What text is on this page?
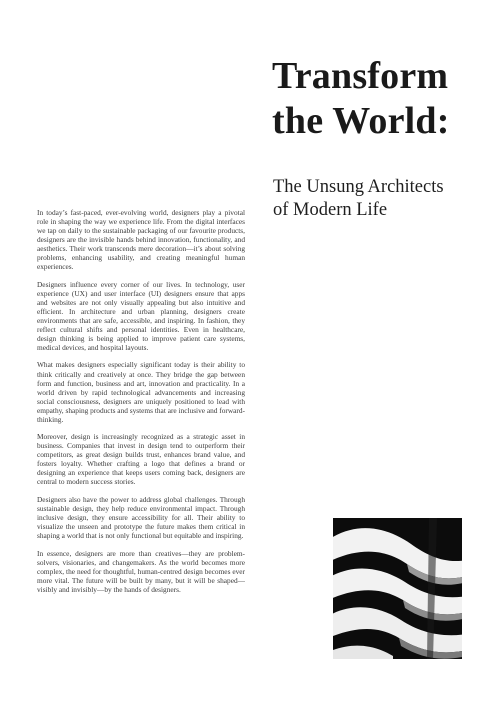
Transform
the World:
The Unsung Architects
of Modern Life

In today’s fast-paced, ever-evolving world, designers play a pivotal role in shaping the way we experience life. From the digital interfaces we tap on daily to the sustainable packaging of our favourite products, designers are the invisible hands behind innovation, functionality, and aesthetics. Their work transcends mere decoration—it’s about solving problems, enhancing usability, and creating meaningful human experiences.

Designers influence every corner of our lives. In technology, user experience (UX) and user interface (UI) designers ensure that apps and websites are not only visually appealing but also intuitive and efficient. In architecture and urban planning, designers create environments that are safe, accessible, and inspiring. In fashion, they reflect cultural shifts and personal identities. Even in healthcare, design thinking is being applied to improve patient care systems, medical devices, and hospital layouts.

What makes designers especially significant today is their ability to think critically and creatively at once. They bridge the gap between form and function, business and art, innovation and practicality. In a world driven by rapid technological advancements and increasing social consciousness, designers are uniquely positioned to lead with empathy, shaping products and systems that are inclusive and forward-thinking.

Moreover, design is increasingly recognized as a strategic asset in business. Companies that invest in design tend to outperform their competitors, as great design builds trust, enhances brand value, and fosters loyalty. Whether crafting a logo that defines a brand or designing an experience that keeps users coming back, designers are central to modern success stories.

Designers also have the power to address global challenges. Through sustainable design, they help reduce environmental impact. Through inclusive design, they ensure accessibility for all. Their ability to visualize the unseen and prototype the future makes them critical in shaping a world that is not only functional but equitable and inspiring.

In essence, designers are more than creatives—they are problem-solvers, visionaries, and changemakers. As the world becomes more complex, the need for thoughtful, human-centred design becomes ever more vital. The future will be built by many, but it will be shaped—visibly and invisibly—by the hands of designers.
